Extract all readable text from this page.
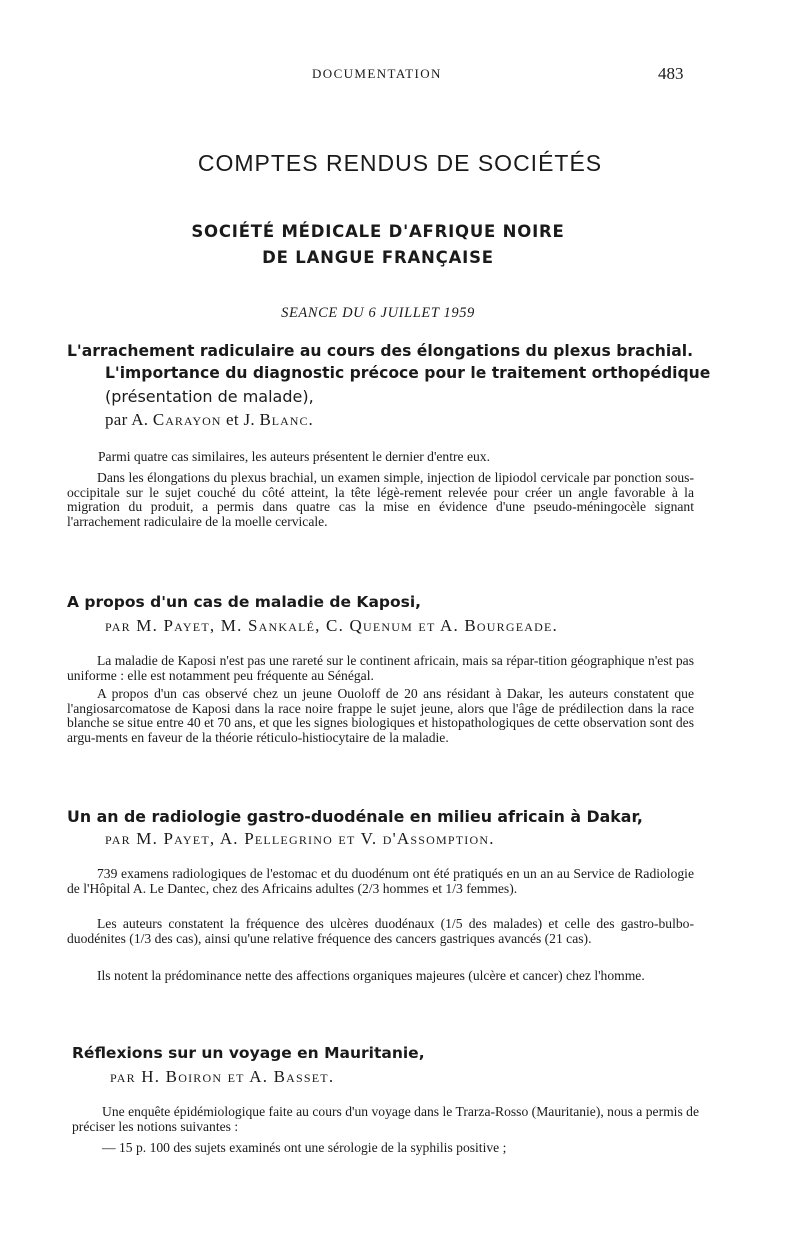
DOCUMENTATION	483
COMPTES RENDUS DE SOCIÉTÉS
SOCIÉTÉ MÉDICALE D'AFRIQUE NOIRE
DE LANGUE FRANÇAISE
SEANCE DU 6 JUILLET 1959
L'arrachement radiculaire au cours des élongations du plexus brachial.
L'importance du diagnostic précoce pour le traitement orthopédique
(présentation de malade),
par A. Carayon et J. Blanc.
Parmi quatre cas similaires, les auteurs présentent le dernier d'entre eux.
Dans les élongations du plexus brachial, un examen simple, injection de lipiodol cervicale par ponction sous-occipitale sur le sujet couché du côté atteint, la tête légè-rement relevée pour créer un angle favorable à la migration du produit, a permis dans quatre cas la mise en évidence d'une pseudo-méningocèle signant l'arrachement radiculaire de la moelle cervicale.
A propos d'un cas de maladie de Kaposi,
par M. Payet, M. Sankalé, C. Quenum et A. Bourgeade.
La maladie de Kaposi n'est pas une rareté sur le continent africain, mais sa répar-tition géographique n'est pas uniforme : elle est notamment peu fréquente au Sénégal.
A propos d'un cas observé chez un jeune Ouoloff de 20 ans résidant à Dakar, les auteurs constatent que l'angiosarcomatose de Kaposi dans la race noire frappe le sujet jeune, alors que l'âge de prédilection dans la race blanche se situe entre 40 et 70 ans, et que les signes biologiques et histopathologiques de cette observation sont des argu-ments en faveur de la théorie réticulo-histiocytaire de la maladie.
Un an de radiologie gastro-duodénale en milieu africain à Dakar,
par M. Payet, A. Pellegrino et V. d'Assomption.
739 examens radiologiques de l'estomac et du duodénum ont été pratiqués en un an au Service de Radiologie de l'Hôpital A. Le Dantec, chez des Africains adultes (2/3 hommes et 1/3 femmes).
Les auteurs constatent la fréquence des ulcères duodénaux (1/5 des malades) et celle des gastro-bulbo-duodénites (1/3 des cas), ainsi qu'une relative fréquence des cancers gastriques avancés (21 cas).
Ils notent la prédominance nette des affections organiques majeures (ulcère et cancer) chez l'homme.
Réflexions sur un voyage en Mauritanie,
par H. Boiron et A. Basset.
Une enquête épidémiologique faite au cours d'un voyage dans le Trarza-Rosso (Mauritanie), nous a permis de préciser les notions suivantes :
— 15 p. 100 des sujets examinés ont une sérologie de la syphilis positive ;
